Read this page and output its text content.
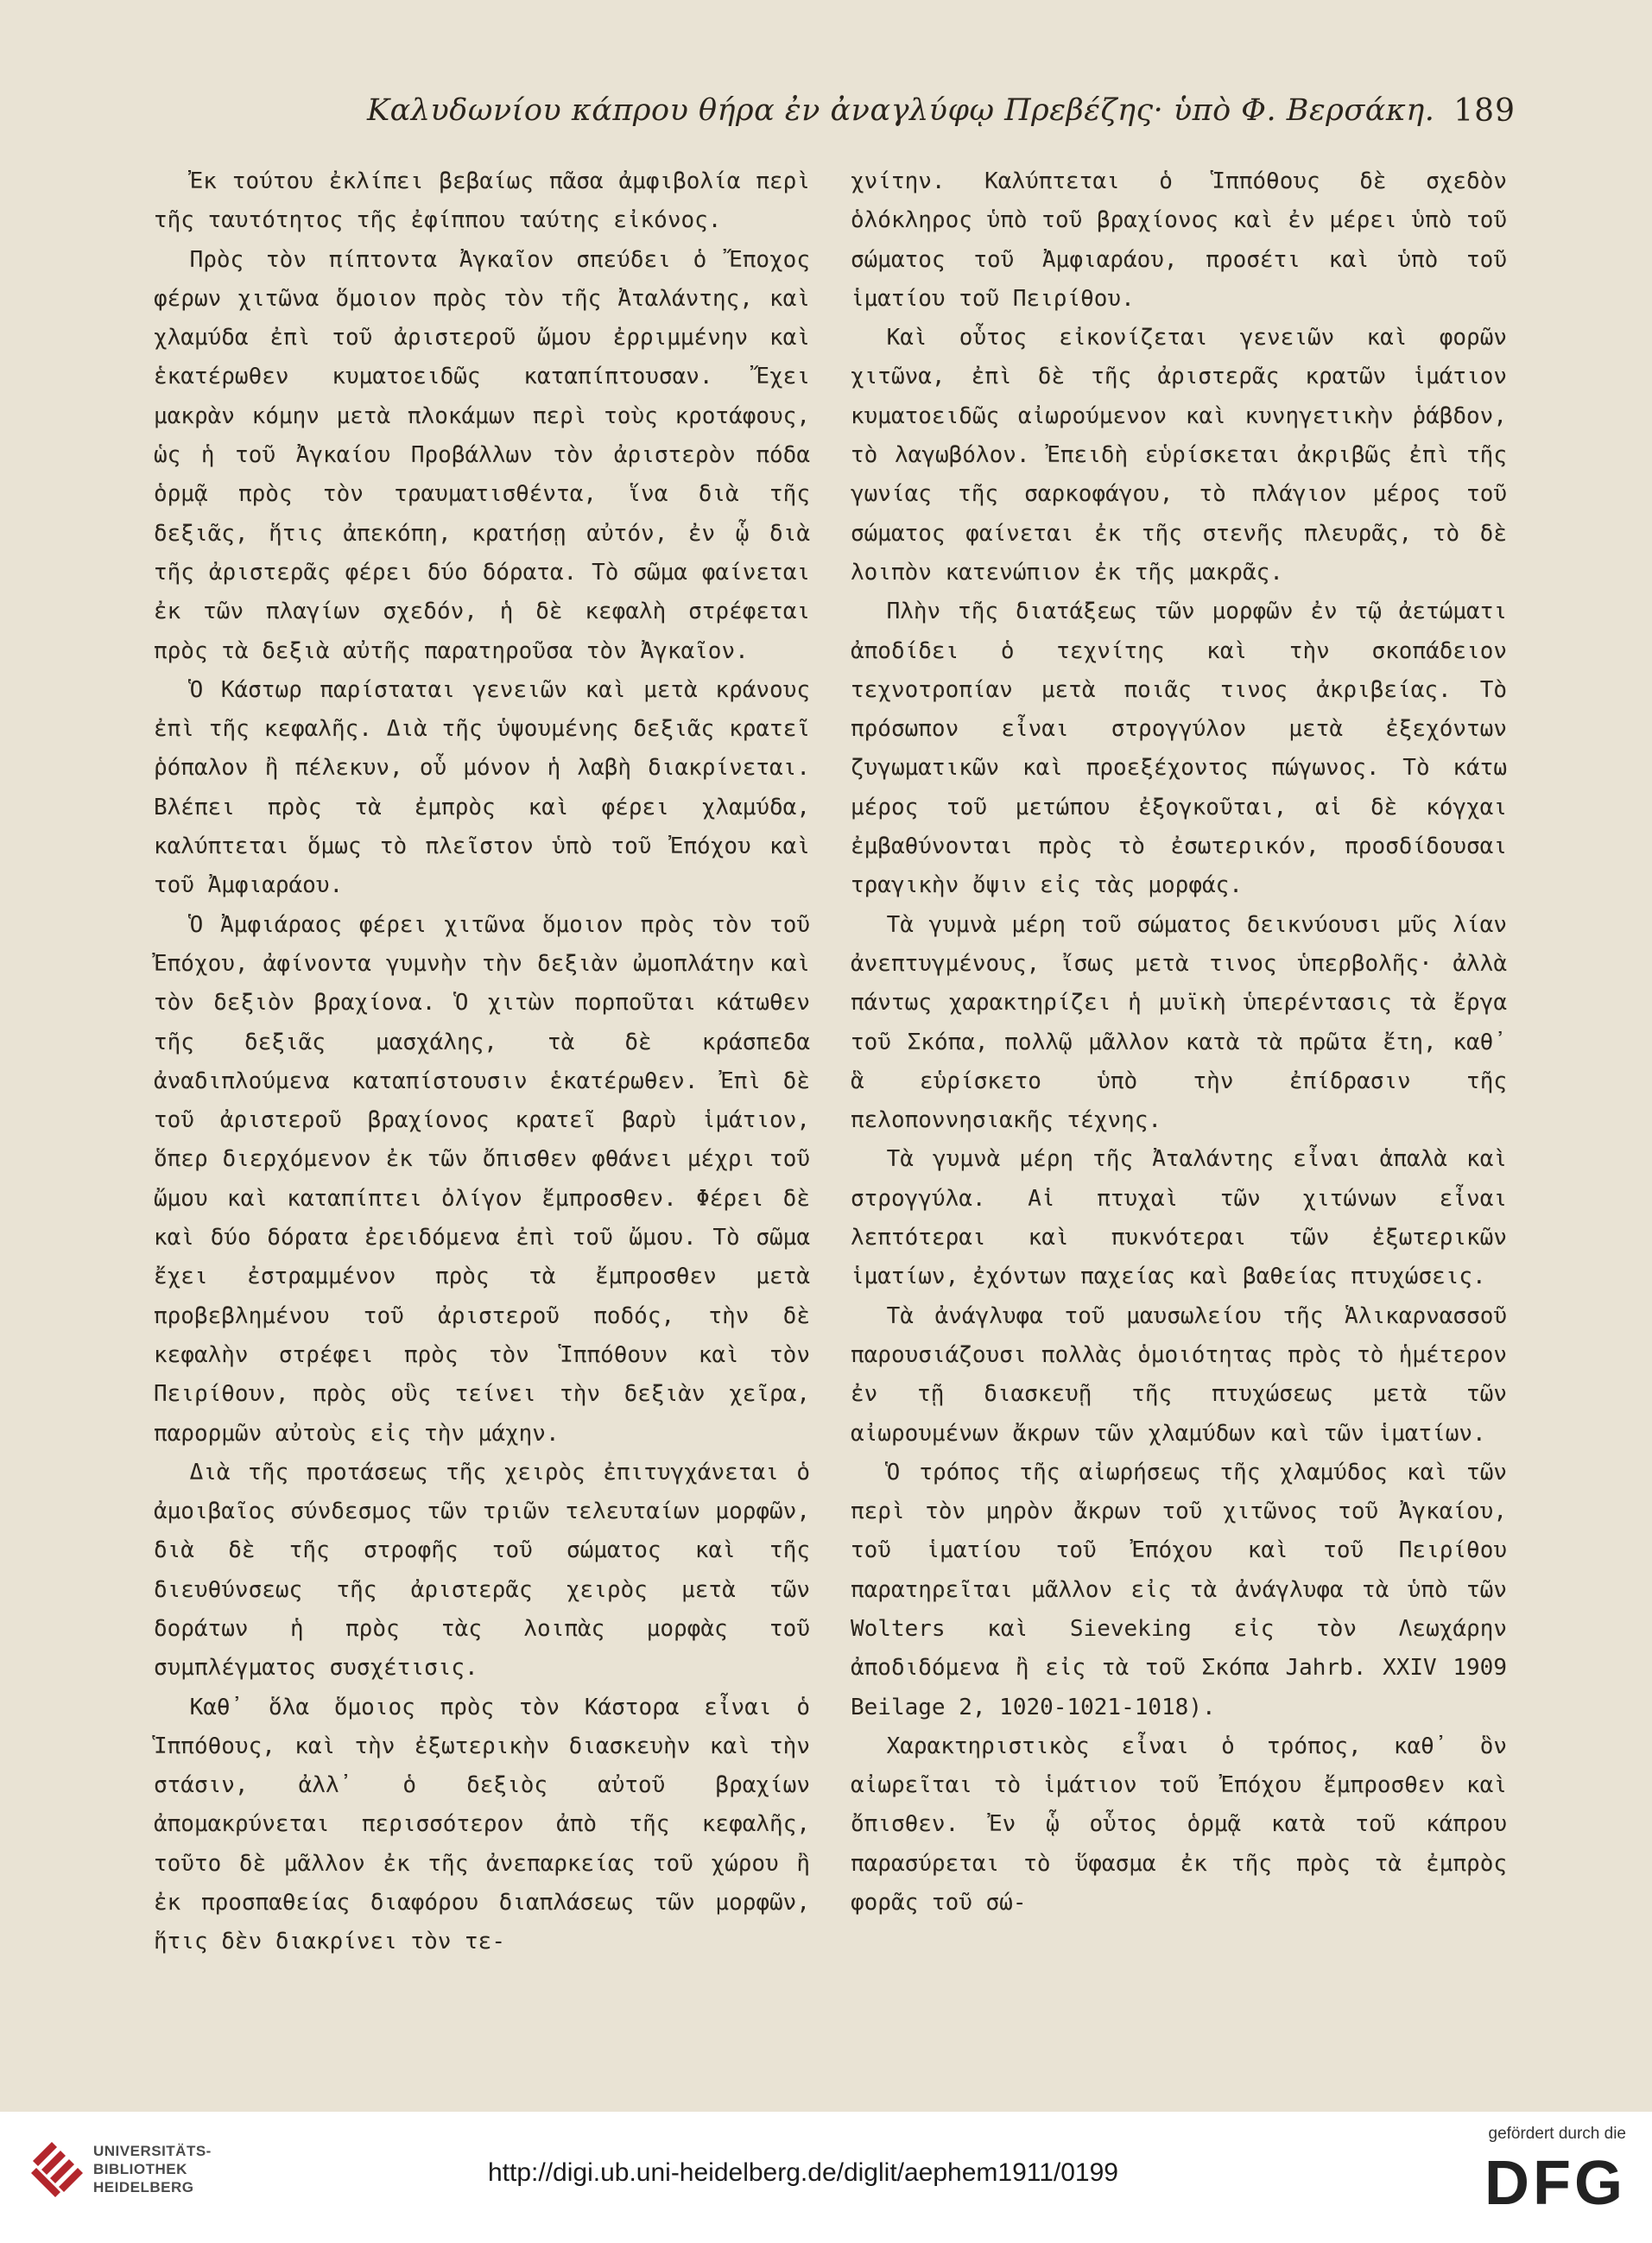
Καλυδωνίου κάπρου θήρα ἐν ἀναγλύφῳ Πρεβέζης· ὑπὸ Φ. Βερσάκη. 189

Ἐκ τούτου ἐκλίπει βεβαίως πᾶσα ἀμφιβολία περὶ τῆς ταυτότητος τῆς ἐφίππου ταύτης εἰκόνος.

Πρὸς τὸν πίπτοντα Ἀγκαῖον σπεύδει ὁ Ἔποχος φέρων χιτῶνα ὅμοιον πρὸς τὸν τῆς Ἀταλάντης, καὶ χλαμύδα ἐπὶ τοῦ ἀριστεροῦ ὤμου ἐρριμμένην καὶ ἑκατέρωθεν κυματοειδῶς καταπίπτουσαν. Ἔχει μακρὰν κόμην μετὰ πλοκάμων περὶ τοὺς κροτάφους, ὡς ἡ τοῦ Ἀγκαίου Προβάλλων τὸν ἀριστερὸν πόδα ὁρμᾷ πρὸς τὸν τραυματισθέντα, ἵνα διὰ τῆς δεξιᾶς, ἥτις ἀπεκόπη, κρατήσῃ αὐτόν, ἐν ᾧ διὰ τῆς ἀριστερᾶς φέρει δύο δόρατα. Τὸ σῶμα φαίνεται ἐκ τῶν πλαγίων σχεδόν, ἡ δὲ κεφαλὴ στρέφεται πρὸς τὰ δεξιὰ αὐτῆς παρατηροῦσα τὸν Ἀγκαῖον.

Ὁ Κάστωρ παρίσταται γενειῶν καὶ μετὰ κράνους ἐπὶ τῆς κεφαλῆς. Διὰ τῆς ὑψουμένης δεξιᾶς κρατεῖ ῥόπαλον ἢ πέλεκυν, οὗ μόνον ἡ λαβὴ διακρίνεται. Βλέπει πρὸς τὰ ἐμπρὸς καὶ φέρει χλαμύδα, καλύπτεται ὅμως τὸ πλεῖστον ὑπὸ τοῦ Ἐπόχου καὶ τοῦ Ἀμφιαράου.

Ὁ Ἀμφιάραος φέρει χιτῶνα ὅμοιον πρὸς τὸν τοῦ Ἐπόχου, ἀφίνοντα γυμνὴν τὴν δεξιὰν ὠμοπλάτην καὶ τὸν δεξιὸν βραχίονα. Ὁ χιτὼν πορποῦται κάτωθεν τῆς δεξιᾶς μασχάλης, τὰ δὲ κράσπεδα ἀναδιπλούμενα καταπίστουσιν ἑκατέρωθεν. Ἐπὶ δὲ τοῦ ἀριστεροῦ βραχίονος κρατεῖ βαρὺ ἱμάτιον, ὅπερ διερχόμενον ἐκ τῶν ὄπισθεν φθάνει μέχρι τοῦ ὤμου καὶ καταπίπτει ὀλίγον ἔμπροσθεν. Φέρει δὲ καὶ δύο δόρατα ἐρειδόμενα ἐπὶ τοῦ ὤμου. Τὸ σῶμα ἔχει ἐστραμμένον πρὸς τὰ ἔμπροσθεν μετὰ προβεβλημένου τοῦ ἀριστεροῦ ποδός, τὴν δὲ κεφαλὴν στρέφει πρὸς τὸν Ἱππόθουν καὶ τὸν Πειρίθουν, πρὸς οὓς τείνει τὴν δεξιὰν χεῖρα, παρορμῶν αὐτοὺς εἰς τὴν μάχην.

Διὰ τῆς προτάσεως τῆς χειρὸς ἐπιτυγχάνεται ὁ ἀμοιβαῖος σύνδεσμος τῶν τριῶν τελευταίων μορφῶν, διὰ δὲ τῆς στροφῆς τοῦ σώματος καὶ τῆς διευθύνσεως τῆς ἀριστερᾶς χειρὸς μετὰ τῶν δοράτων ἡ πρὸς τὰς λοιπὰς μορφὰς τοῦ συμπλέγματος συσχέτισις.

Καθ᾽ ὅλα ὅμοιος πρὸς τὸν Κάστορα εἶναι ὁ Ἱππόθους, καὶ τὴν ἐξωτερικὴν διασκευὴν καὶ τὴν στάσιν, ἀλλ᾽ ὁ δεξιὸς αὐτοῦ βραχίων ἀπομακρύνεται περισσότερον ἀπὸ τῆς κεφαλῆς, τοῦτο δὲ μᾶλλον ἐκ τῆς ἀνεπαρκείας τοῦ χώρου ἢ ἐκ προσπαθείας διαφόρου διαπλάσεως τῶν μορφῶν, ἥτις δὲν διακρίνει τὸν τε-

χνίτην. Καλύπτεται ὁ Ἱππόθους δὲ σχεδὸν ὁλόκληρος ὑπὸ τοῦ βραχίονος καὶ ἐν μέρει ὑπὸ τοῦ σώματος τοῦ Ἀμφιαράου, προσέτι καὶ ὑπὸ τοῦ ἱματίου τοῦ Πειρίθου.

Καὶ οὗτος εἰκονίζεται γενειῶν καὶ φορῶν χιτῶνα, ἐπὶ δὲ τῆς ἀριστερᾶς κρατῶν ἱμάτιον κυματοειδῶς αἰωρούμενον καὶ κυνηγετικὴν ῥάβδον, τὸ λαγωβόλον. Ἐπειδὴ εὑρίσκεται ἀκριβῶς ἐπὶ τῆς γωνίας τῆς σαρκοφάγου, τὸ πλάγιον μέρος τοῦ σώματος φαίνεται ἐκ τῆς στενῆς πλευρᾶς, τὸ δὲ λοιπὸν κατενώπιον ἐκ τῆς μακρᾶς.

Πλὴν τῆς διατάξεως τῶν μορφῶν ἐν τῷ ἀετώματι ἀποδίδει ὁ τεχνίτης καὶ τὴν σκοπάδειον τεχνοτροπίαν μετὰ ποιᾶς τινος ἀκριβείας. Τὸ πρόσωπον εἶναι στρογγύλον μετὰ ἐξεχόντων ζυγωματικῶν καὶ προεξέχοντος πώγωνος. Τὸ κάτω μέρος τοῦ μετώπου ἐξογκοῦται, αἱ δὲ κόγχαι ἐμβαθύνονται πρὸς τὸ ἐσωτερικόν, προσδίδουσαι τραγικὴν ὄψιν εἰς τὰς μορφάς.

Τὰ γυμνὰ μέρη τοῦ σώματος δεικνύουσι μῦς λίαν ἀνεπτυγμένους, ἴσως μετὰ τινος ὑπερβολῆς· ἀλλὰ πάντως χαρακτηρίζει ἡ μυϊκὴ ὑπερέντασις τὰ ἔργα τοῦ Σκόπα, πολλῷ μᾶλλον κατὰ τὰ πρῶτα ἔτη, καθ᾽ ἃ εὑρίσκετο ὑπὸ τὴν ἐπίδρασιν τῆς πελοποννησιακῆς τέχνης.

Τὰ γυμνὰ μέρη τῆς Ἀταλάντης εἶναι ἁπαλὰ καὶ στρογγύλα. Αἱ πτυχαὶ τῶν χιτώνων εἶναι λεπτότεραι καὶ πυκνότεραι τῶν ἐξωτερικῶν ἱματίων, ἐχόντων παχείας καὶ βαθείας πτυχώσεις.

Τὰ ἀνάγλυφα τοῦ μαυσωλείου τῆς Ἁλικαρνασσοῦ παρουσιάζουσι πολλὰς ὁμοιότητας πρὸς τὸ ἡμέτερον ἐν τῇ διασκευῇ τῆς πτυχώσεως μετὰ τῶν αἰωρουμένων ἄκρων τῶν χλαμύδων καὶ τῶν ἱματίων.

Ὁ τρόπος τῆς αἰωρήσεως τῆς χλαμύδος καὶ τῶν περὶ τὸν μηρὸν ἄκρων τοῦ χιτῶνος τοῦ Ἀγκαίου, τοῦ ἱματίου τοῦ Ἐπόχου καὶ τοῦ Πειρίθου παρατηρεῖται μᾶλλον εἰς τὰ ἀνάγλυφα τὰ ὑπὸ τῶν Wolters καὶ Sieveking εἰς τὸν Λεωχάρην ἀποδιδόμενα ἢ εἰς τὰ τοῦ Σκόπα Jahrb. XXIV 1909 Beilage 2, 1020-1021-1018).

Χαρακτηριστικὸς εἶναι ὁ τρόπος, καθ᾽ ὃν αἰωρεῖται τὸ ἱμάτιον τοῦ Ἐπόχου ἔμπροσθεν καὶ ὄπισθεν. Ἐν ᾧ οὗτος ὁρμᾷ κατὰ τοῦ κάπρου παρασύρεται τὸ ὕφασμα ἐκ τῆς πρὸς τὰ ἐμπρὸς φορᾶς τοῦ σώ-

UNIVERSITÄTS-
BIBLIOTHEK
HEIDELBERG
http://digi.ub.uni-heidelberg.de/diglit/aephem1911/0199
gefördert durch die
DFG
